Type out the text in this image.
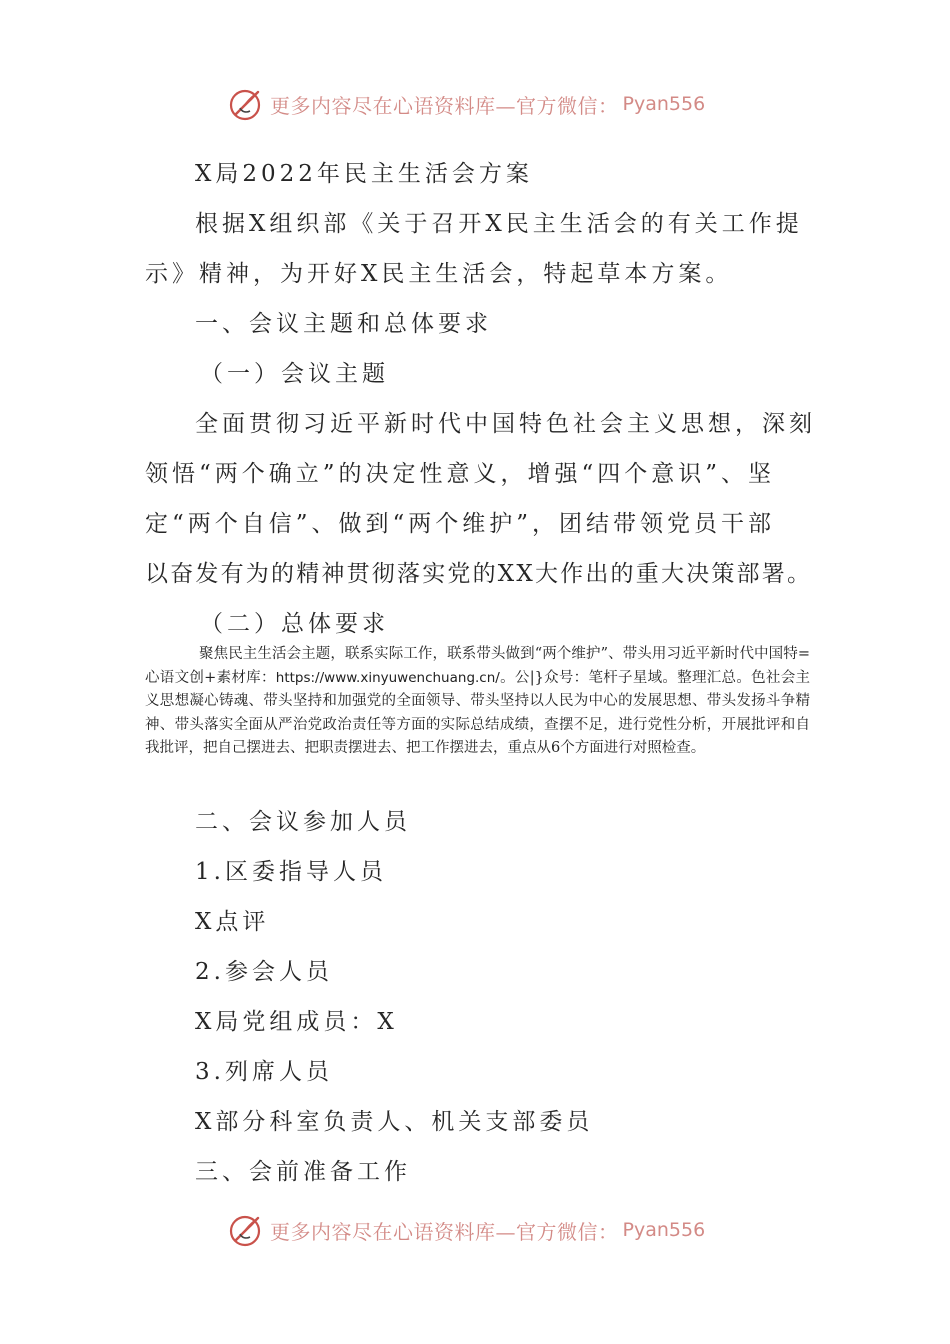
更多内容尽在心语资料库—官方微信： Pyan556
X局2022年民主生活会方案
根据X组织部《关于召开X民主生活会的有关工作提
示》精神，为开好X民主生活会，特起草本方案。
一、会议主题和总体要求
（一）会议主题
全面贯彻习近平新时代中国特色社会主义思想，深刻
领悟“两个确立”的决定性意义，增强“四个意识”、坚
定“两个自信”、做到“两个维护”，团结带领党员干部
以奋发有为的精神贯彻落实党的XX大作出的重大决策部署。
（二）总体要求
聚焦民主生活会主题，联系实际工作，联系带头做到“两个维护”、带头用习近平新时代中国特=心语文创+素材库：https://www.xinyuwenchuang.cn/。公|}众号：笔杆子星域。整理汇总。色社会主义思想凝心铸魂、带头坚持和加强党的全面领导、带头坚持以人民为中心的发展思想、带头发扬斗争精神、带头落实全面从严治党政治责任等方面的实际总结成绩，查摆不足，进行党性分析，开展批评和自我批评，把自己摆进去、把职责摆进去、把工作摆进去，重点从6个方面进行对照检查。
二、会议参加人员
1.区委指导人员
X点评
2.参会人员
X局党组成员：X
3.列席人员
X部分科室负责人、机关支部委员
三、会前准备工作
更多内容尽在心语资料库—官方微信： Pyan556
